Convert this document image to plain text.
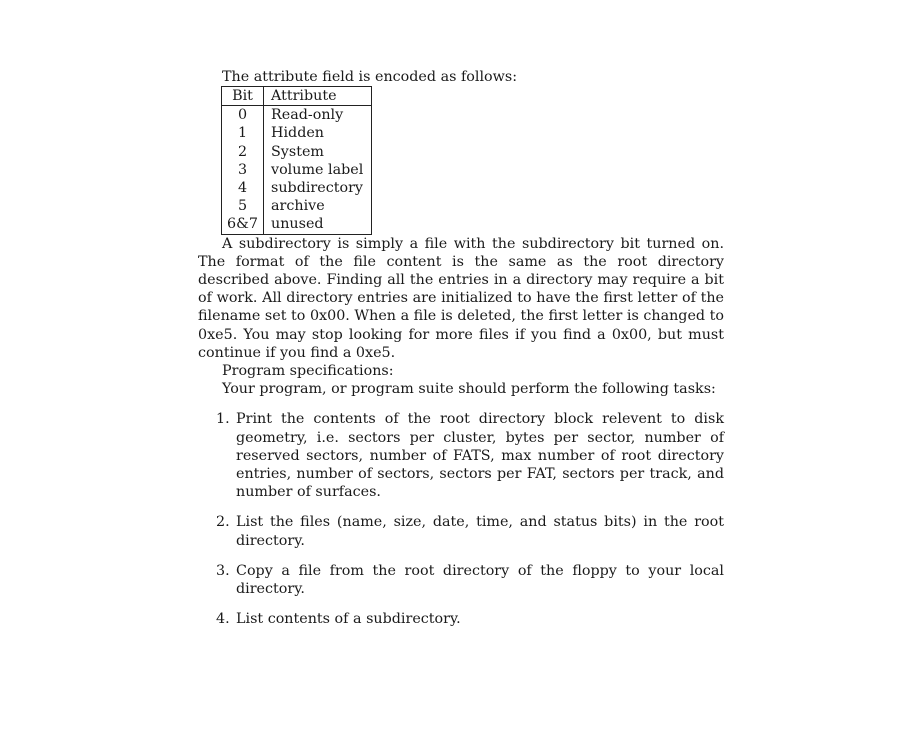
The attribute field is encoded as follows:

Bit	Attribute
0	Read-only
1	Hidden
2	System
3	volume label
4	subdirectory
5	archive
6&7	unused

A subdirectory is simply a file with the subdirectory bit turned on. The format of the file content is the same as the root directory described above. Finding all the entries in a directory may require a bit of work. All directory entries are initialized to have the first letter of the filename set to 0x00. When a file is deleted, the first letter is changed to 0xe5. You may stop looking for more files if you find a 0x00, but must continue if you find a 0xe5.

Program specifications:

Your program, or program suite should perform the following tasks:

1. Print the contents of the root directory block relevent to disk geometry, i.e. sectors per cluster, bytes per sector, number of reserved sectors, number of FATS, max number of root directory entries, number of sectors, sectors per FAT, sectors per track, and number of surfaces.
2. List the files (name, size, date, time, and status bits) in the root directory.
3. Copy a file from the root directory of the floppy to your local directory.
4. List contents of a subdirectory.
